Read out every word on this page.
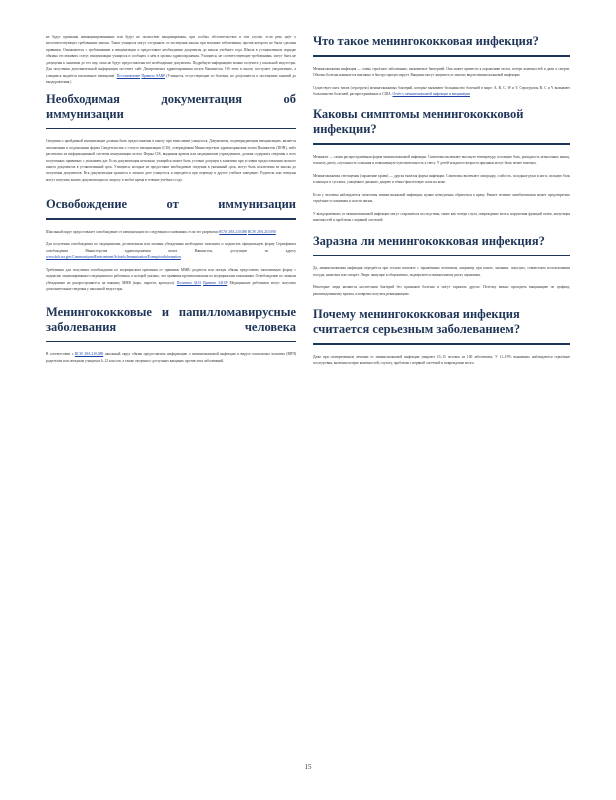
не будут признаны невакцинированными или будут не полностью вакцинированы, при особых обстоятельствах в том случае, если речь идёт о несоответствующих требованиях школы. Таких учащихся могут отстранить от посещения школы при вспышке заболевания, против которого не были сделаны прививки. Ознакомьтесь с требованиями к иммунизации и предоставьте необходимые документы до начала учебного года. Школа в установленном порядке обязана отслеживать статус иммунизации учащихся и сообщать о нём в органы здравоохранения. Учащиеся, не соответствующие требованиям, могут быть не допущены к занятиям до тех пор, пока не будут предоставлены все необходимые документы. Подробную информацию можно получить у школьной медсестры. Для получения дополнительной информации посетите сайт Департамента здравоохранения штата Вашингтон. Об этом в школу поступает уведомление, а учащимся выдаётся письменное извещение. Постановление Правило SARP (Учащиеся, отсутствующие по болезни, не допускаются к посещению занятий до выздоровления.)

Необходимая документация об иммунизации

Сведения о пройденной иммунизации должны быть предоставлены в школу при зачислении учащегося. Документом, подтверждающим иммунизацию, является заполненная и подписанная форма Свидетельства о статусе иммунизации (CIS), утверждённая Министерством здравоохранения штата Вашингтон (DOH), либо распечатка из информационной системы иммунизации штата. Форма CIS, выданная врачом или медицинским учреждением, должна содержать сведения о всех полученных прививках с указанием дат. Если документация неполная, учащийся может быть условно допущен к занятиям при условии предоставления полного пакета документов в установленный срок. Учащиеся, которые не предоставят необходимые сведения в указанный срок, могут быть исключены из школы до получения документов. Вся документация хранится в личном деле учащегося и передаётся при переводе в другое учебное заведение. Родители или опекуны могут получить копию документации по запросу в любое время в течение учебного года.

Освобождение от иммунизации

Школьный округ предоставляет освобождение от иммунизации по следующим основаниям, если это разрешено RCW 28A.210.080 RCW 28A.210.090

Для получения освобождения по медицинским, религиозным или личным убеждениям необходимо заполнить и подписать официальную форму Сертификата освобождения Министерства здравоохранения штата Вашингтон, доступную по адресу www.doh.wa.gov/CommunityandEnvironment/Schools/Immunization/ExemptionInformation

Требования для получения освобождения по медицинским причинам от прививок MMR: родитель или опекун обязан представить заполненную форму с подписью лицензированного медицинского работника, в которой указано, что прививка противопоказана по медицинским показаниям. Освобождение по личным убеждениям не распространяется на вакцину MMR (корь, паротит, краснуха). Политика 3413 Правило 3413P Медицинские работники могут получить дополнительные сведения у школьной медсестры.

Менингококковые и папилломавирусные заболевания человека

В соответствии с RCW 28A.210.080 школьный округ обязан предоставлять информацию о менингококковой инфекции и вирусе папилломы человека (ВПЧ) родителям или опекунам учащихся 6–12 классов, а также сведения о доступных вакцинах против этих заболеваний.

Что такое менингококковая инфекция?

Менингококковая инфекция — очень серьёзное заболевание, вызываемое бактерией. Она может привести к поражению мозга, потере конечностей и даже к смерти. Обычно болезнь начинается внезапно и быстро прогрессирует. Вакцины могут защитить от многих видов менингококковой инфекции.

Существует пять типов (серогрупп) менингококковых бактерий, которые вызывают большинство болезней в мире: A, B, C, W и Y. Серогруппы B, C и Y вызывают большинство болезней, распространённых в США. Отчёт о менингококковой инфекции и вакцинации

Каковы симптомы менингококковой инфекции?

Менингит — самая распространённая форма менингококковой инфекции. Симптомы включают высокую температуру, головную боль, ригидность затылочных мышц, тошноту, рвоту, спутанность сознания и повышенную чувствительность к свету. У детей младшего возраста признаки могут быть менее заметны.

Менингококковая септицемия (заражение крови) — другая тяжёлая форма инфекции. Симптомы включают лихорадку, слабость, холодные руки и ноги, сильную боль в мышцах и суставах, учащённое дыхание, диарею и тёмно-фиолетовую сыпь на коже.

Если у человека наблюдаются симптомы менингококковой инфекции, нужно немедленно обратиться к врачу. Раннее лечение антибиотиками может предотвратить серьёзные осложнения и спасти жизнь.

У выздоровевших от менингококковой инфекции могут сохраниться последствия, такие как потеря слуха, повреждение мозга, нарушения функций почек, ампутация конечностей и проблемы с нервной системой.

Заразна ли менингококковая инфекция?

Да, менингококковая инфекция передаётся при тесном контакте с заражённым человеком, например при кашле, чихании, поцелуях, совместном использовании посуды, напитков или сигарет. Люди, живущие в общежитиях, подвергаются повышенному риску заражения.

Некоторые люди являются носителями бактерий без признаков болезни и могут заражать других. Поэтому важно проходить вакцинацию по графику, рекомендованному врачом, и вовремя получать ревакцинацию.

Почему менингококковая инфекция считается серьезным заболеванием?

Даже при своевременном лечении от менингококковой инфекции умирают 10–15 человек из 100 заболевших. У 11–19% выживших наблюдаются серьёзные последствия, включая потерю конечностей, глухоту, проблемы с нервной системой и повреждение мозга.

15
